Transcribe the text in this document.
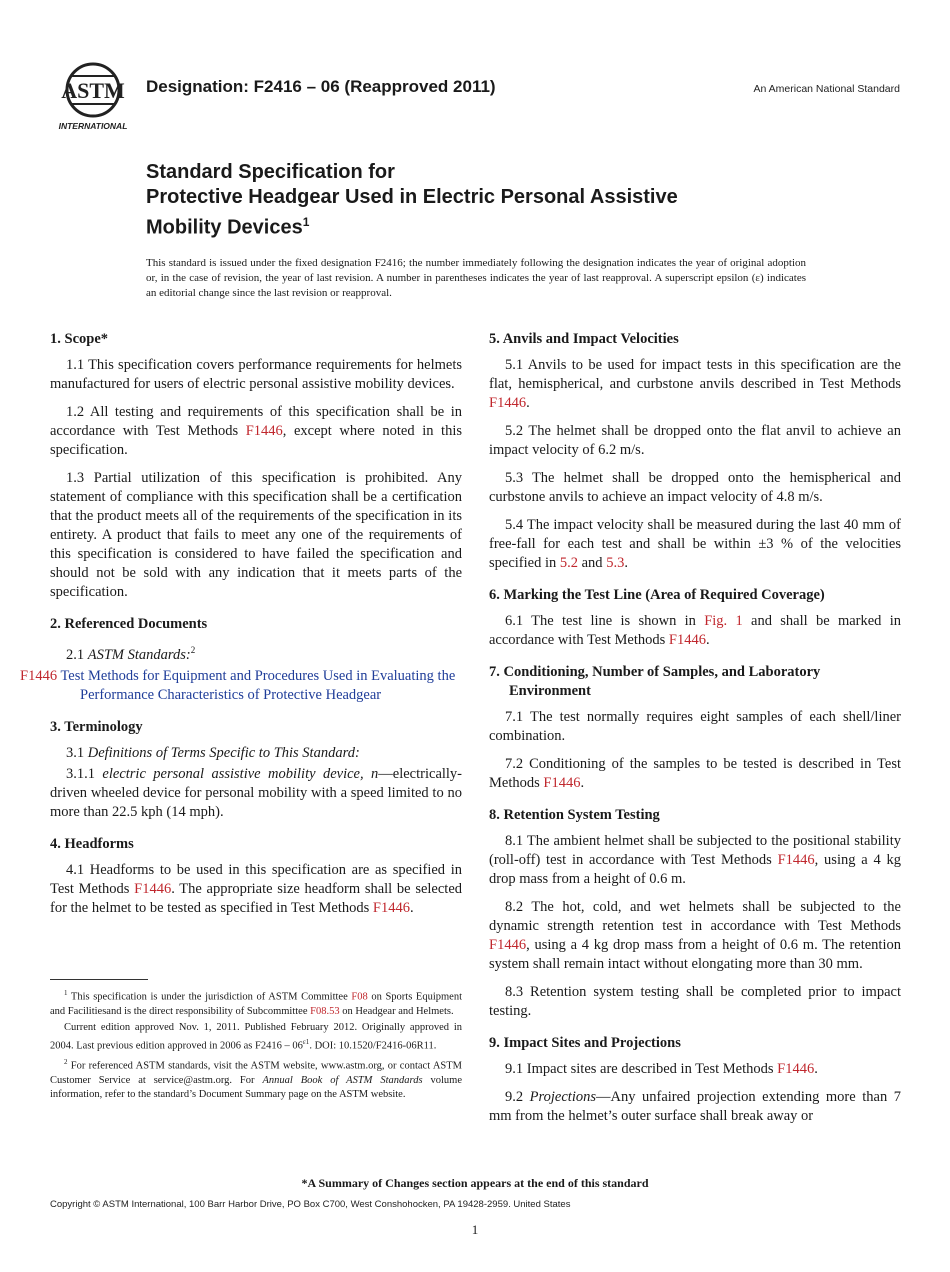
ASTM
INTERNATIONAL
Designation: F2416 – 06 (Reapproved 2011)	An American National Standard
Standard Specification for
Protective Headgear Used in Electric Personal Assistive
Mobility Devices$^1$
This standard is issued under the fixed designation F2416; the number immediately following the designation indicates the year of original adoption or, in the case of revision, the year of last revision. A number in parentheses indicates the year of last reapproval. A superscript epsilon (ε) indicates an editorial change since the last revision or reapproval.
1. Scope*

1.1 This specification covers performance requirements for helmets manufactured for users of electric personal assistive mobility devices.

1.2 All testing and requirements of this specification shall be in accordance with Test Methods F1446, except where noted in this specification.

1.3 Partial utilization of this specification is prohibited. Any statement of compliance with this specification shall be a certification that the product meets all of the requirements of the specification in its entirety. A product that fails to meet any one of the requirements of this specification is considered to have failed the specification and should not be sold with any indication that it meets parts of the specification.

2. Referenced Documents

2.1 ASTM Standards:$^2$

F1446 Test Methods for Equipment and Procedures Used in Evaluating the Performance Characteristics of Protective Headgear

3. Terminology

3.1 Definitions of Terms Specific to This Standard:

3.1.1 electric personal assistive mobility device, n—electrically-driven wheeled device for personal mobility with a speed limited to no more than 22.5 kph (14 mph).

4. Headforms

4.1 Headforms to be used in this specification are as specified in Test Methods F1446. The appropriate size headform shall be selected for the helmet to be tested as specified in Test Methods F1446.

$^1$ This specification is under the jurisdiction of ASTM Committee F08 on Sports Equipment and Facilitiesand is the direct responsibility of Subcommittee F08.53 on Headgear and Helmets.

Current edition approved Nov. 1, 2011. Published February 2012. Originally approved in 2004. Last previous edition approved in 2006 as $F2416 - 06^{\varepsilon 1}$. DOI: 10.1520/F2416-06R11.

$^2$ For referenced ASTM standards, visit the ASTM website, www.astm.org, or contact ASTM Customer Service at service@astm.org. For Annual Book of ASTM Standards volume information, refer to the standard’s Document Summary page on the ASTM website.

5. Anvils and Impact Velocities

5.1 Anvils to be used for impact tests in this specification are the flat, hemispherical, and curbstone anvils described in Test Methods F1446.

5.2 The helmet shall be dropped onto the flat anvil to achieve an impact velocity of 6.2 m/s.

5.3 The helmet shall be dropped onto the hemispherical and curbstone anvils to achieve an impact velocity of 4.8 m/s.

5.4 The impact velocity shall be measured during the last 40 mm of free-fall for each test and shall be within ±3 % of the velocities specified in 5.2 and 5.3.

6. Marking the Test Line (Area of Required Coverage)

6.1 The test line is shown in Fig. 1 and shall be marked in accordance with Test Methods F1446.

7. Conditioning, Number of Samples, and Laboratory Environment

7.1 The test normally requires eight samples of each shell/liner combination.

7.2 Conditioning of the samples to be tested is described in Test Methods F1446.

8. Retention System Testing

8.1 The ambient helmet shall be subjected to the positional stability (roll-off) test in accordance with Test Methods F1446, using a 4 kg drop mass from a height of 0.6 m.

8.2 The hot, cold, and wet helmets shall be subjected to the dynamic strength retention test in accordance with Test Methods F1446, using a 4 kg drop mass from a height of 0.6 m. The retention system shall remain intact without elongating more than 30 mm.

8.3 Retention system testing shall be completed prior to impact testing.

9. Impact Sites and Projections

9.1 Impact sites are described in Test Methods F1446.

9.2 Projections—Any unfaired projection extending more than 7 mm from the helmet’s outer surface shall break away or

*A Summary of Changes section appears at the end of this standard
Copyright © ASTM International, 100 Barr Harbor Drive, PO Box C700, West Conshohocken, PA 19428-2959. United States
1
